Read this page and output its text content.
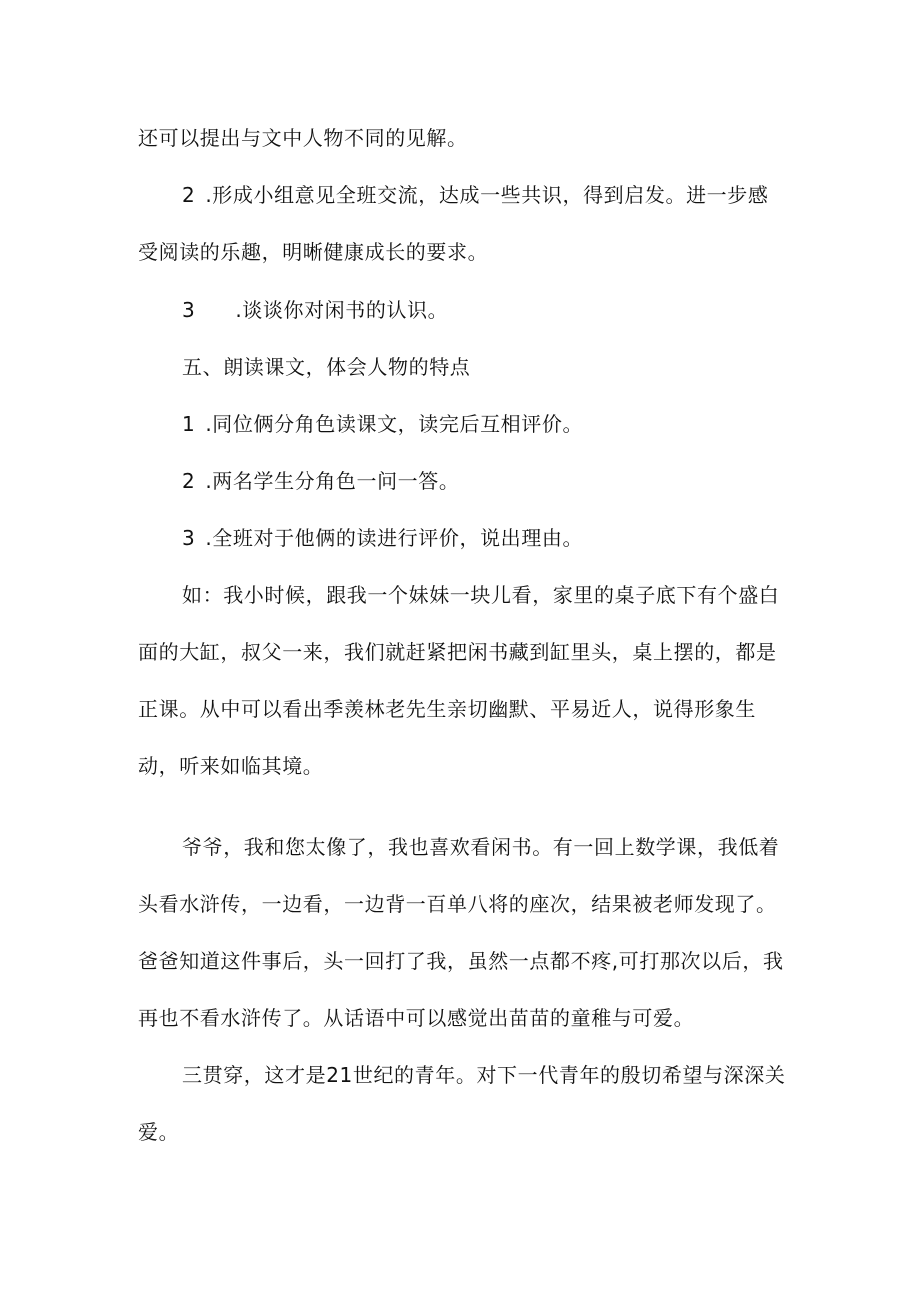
还可以提出与文中人物不同的见解。
2 .形成小组意见全班交流，达成一些共识，得到启发。进一步感
受阅读的乐趣，明晰健康成长的要求。
3 .谈谈你对闲书的认识。
五、朗读课文，体会人物的特点
1 .同位俩分角色读课文，读完后互相评价。
2 .两名学生分角色一问一答。
3 .全班对于他俩的读进行评价，说出理由。
如：我小时候，跟我一个妹妹一块儿看，家里的桌子底下有个盛白
面的大缸，叔父一来，我们就赶紧把闲书藏到缸里头，桌上摆的，都是
正课。从中可以看出季羡林老先生亲切幽默、平易近人，说得形象生
动，听来如临其境。
爷爷，我和您太像了，我也喜欢看闲书。有一回上数学课，我低着
头看水浒传，一边看，一边背一百单八将的座次，结果被老师发现了。
爸爸知道这件事后，头一回打了我，虽然一点都不疼,可打那次以后，我
再也不看水浒传了。从话语中可以感觉出苗苗的童稚与可爱。
三贯穿，这才是21世纪的青年。对下一代青年的殷切希望与深深关
爱。
